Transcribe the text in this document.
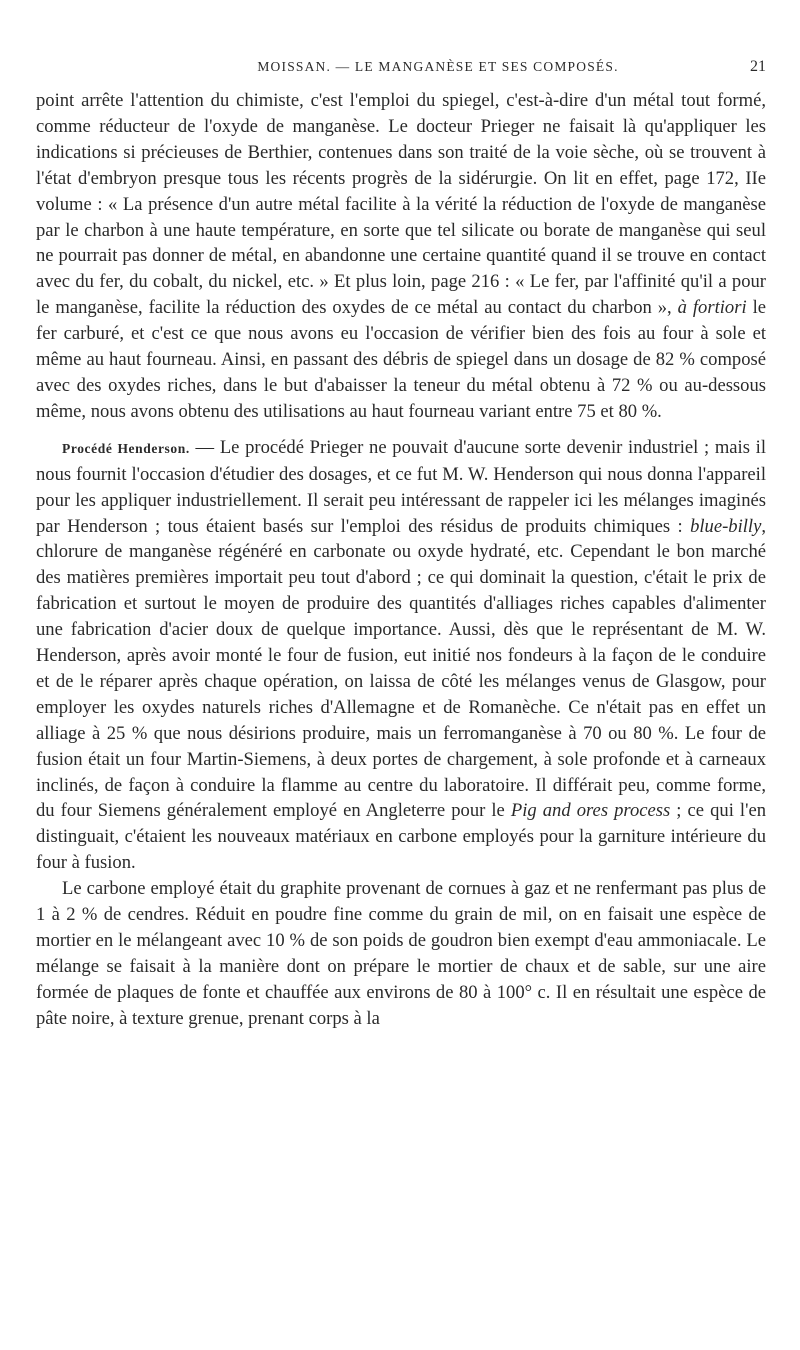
MOISSAN. — LE MANGANÈSE ET SES COMPOSÉS.	21

point arrête l'attention du chimiste, c'est l'emploi du spiegel, c'est-à-dire d'un métal tout formé, comme réducteur de l'oxyde de manganèse. Le docteur Prieger ne faisait là qu'appliquer les indications si précieuses de Berthier, contenues dans son traité de la voie sèche, où se trouvent à l'état d'embryon presque tous les récents progrès de la sidérurgie. On lit en effet, page 172, IIe volume : « La présence d'un autre métal facilite à la vérité la réduction de l'oxyde de manganèse par le charbon à une haute température, en sorte que tel silicate ou borate de manganèse qui seul ne pourrait pas donner de métal, en abandonne une certaine quantité quand il se trouve en contact avec du fer, du cobalt, du nickel, etc. » Et plus loin, page 216 : « Le fer, par l'affinité qu'il a pour le manganèse, facilite la réduction des oxydes de ce métal au contact du charbon », à fortiori le fer carburé, et c'est ce que nous avons eu l'occasion de vérifier bien des fois au four à sole et même au haut fourneau. Ainsi, en passant des débris de spiegel dans un dosage de 82 % composé avec des oxydes riches, dans le but d'abaisser la teneur du métal obtenu à 72 % ou au-dessous même, nous avons obtenu des utilisations au haut fourneau variant entre 75 et 80 %.

Procédé Henderson. — Le procédé Prieger ne pouvait d'aucune sorte devenir industriel ; mais il nous fournit l'occasion d'étudier des dosages, et ce fut M. W. Henderson qui nous donna l'appareil pour les appliquer industriellement. Il serait peu intéressant de rappeler ici les mélanges imaginés par Henderson ; tous étaient basés sur l'emploi des résidus de produits chimiques : blue-billy, chlorure de manganèse régénéré en carbonate ou oxyde hydraté, etc. Cependant le bon marché des matières premières importait peu tout d'abord ; ce qui dominait la question, c'était le prix de fabrication et surtout le moyen de produire des quantités d'alliages riches capables d'alimenter une fabrication d'acier doux de quelque importance. Aussi, dès que le représentant de M. W. Henderson, après avoir monté le four de fusion, eut initié nos fondeurs à la façon de le conduire et de le réparer après chaque opération, on laissa de côté les mélanges venus de Glasgow, pour employer les oxydes naturels riches d'Allemagne et de Romanèche. Ce n'était pas en effet un alliage à 25 % que nous désirions produire, mais un ferromanganèse à 70 ou 80 %. Le four de fusion était un four Martin-Siemens, à deux portes de chargement, à sole profonde et à carneaux inclinés, de façon à conduire la flamme au centre du laboratoire. Il différait peu, comme forme, du four Siemens généralement employé en Angleterre pour le Pig and ores process ; ce qui l'en distinguait, c'étaient les nouveaux matériaux en carbone employés pour la garniture intérieure du four à fusion.

Le carbone employé était du graphite provenant de cornues à gaz et ne renfermant pas plus de 1 à 2 % de cendres. Réduit en poudre fine comme du grain de mil, on en faisait une espèce de mortier en le mélangeant avec 10 % de son poids de goudron bien exempt d'eau ammoniacale. Le mélange se faisait à la manière dont on prépare le mortier de chaux et de sable, sur une aire formée de plaques de fonte et chauffée aux environs de 80 à 100° c. Il en résultait une espèce de pâte noire, à texture grenue, prenant corps à la
